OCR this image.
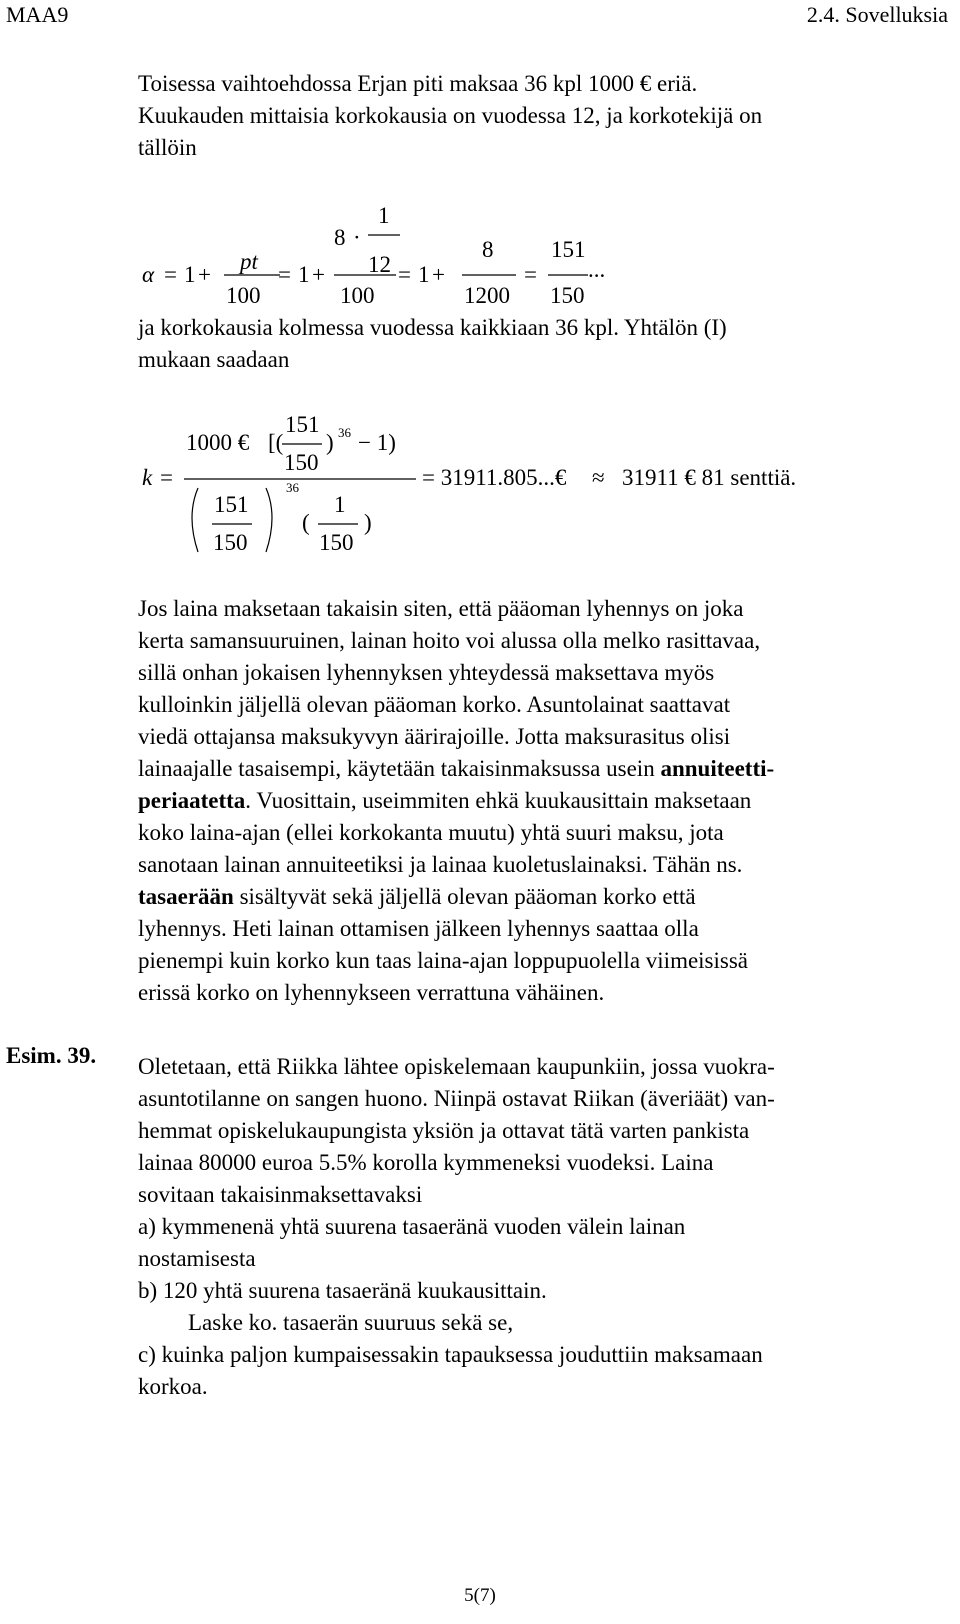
MAA9	2.4. Sovelluksia

Toisessa vaihtoehdossa Erjan piti maksaa 36 kpl 1000 € eriä.
Kuukauden mittaisia korkokausia on vuodessa 12, ja korkotekijä on
tällöin

1
8 ·
12
α = 1 +
pt
100
= 1 +
100
= 1 +
8
1200
=
151
150
...

ja korkokausia kolmessa vuodessa kaikkiaan 36 kpl. Yhtälön (I)
mukaan saadaan

1000 € [(
151
150
) 36 − 1)
k =
151
150
36
(
1
150
)
= 31911.805...€ ≈ 31911 € 81 senttiä.

Jos laina maksetaan takaisin siten, että pääoman lyhennys on joka
kerta samansuuruinen, lainan hoito voi alussa olla melko rasittavaa,
sillä onhan jokaisen lyhennyksen yhteydessä maksettava myös
kulloinkin jäljellä olevan pääoman korko. Asuntolainat saattavat
viedä ottajansa maksukyvyn äärirajoille. Jotta maksurasitus olisi
lainaajalle tasaisempi, käytetään takaisinmaksussa usein annuiteetti-
periaatetta. Vuosittain, useimmiten ehkä kuukausittain maksetaan
koko laina-ajan (ellei korkokanta muutu) yhtä suuri maksu, jota
sanotaan lainan annuiteetiksi ja lainaa kuoletuslainaksi. Tähän ns.
tasaerään sisältyvät sekä jäljellä olevan pääoman korko että
lyhennys. Heti lainan ottamisen jälkeen lyhennys saattaa olla
pienempi kuin korko kun taas laina-ajan loppupuolella viimeisissä
erissä korko on lyhennykseen verrattuna vähäinen.

Esim. 39. Oletetaan, että Riikka lähtee opiskelemaan kaupunkiin, jossa vuokra-
asuntotilanne on sangen huono. Niinpä ostavat Riikan (äveriäät) van-
hemmat opiskelukaupungista yksiön ja ottavat tätä varten pankista
lainaa 80000 euroa 5.5% korolla kymmeneksi vuodeksi. Laina
sovitaan takaisinmaksettavaksi
a) kymmenenä yhtä suurena tasaeränä vuoden välein lainan
nostamisesta
b) 120 yhtä suurena tasaeränä kuukausittain.
Laske ko. tasaerän suuruus sekä se,
c) kuinka paljon kumpaisessakin tapauksessa jouduttiin maksamaan
korkoa.

5(7)
